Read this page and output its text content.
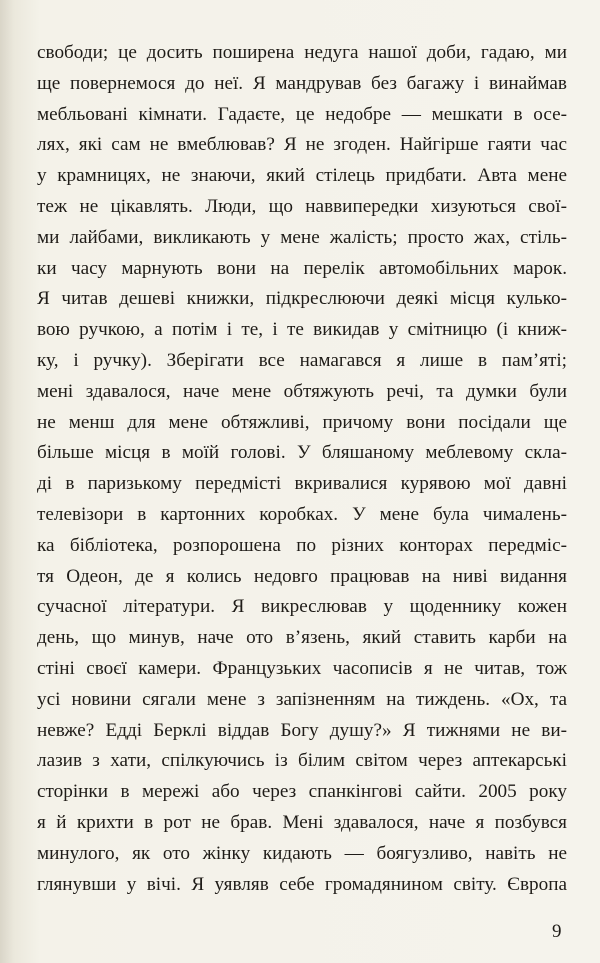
свободи; це досить поширена недуга нашої доби, гадаю, ми
ще повернемося до неї. Я мандрував без багажу і винаймав
мебльовані кімнати. Гадаєте, це недобре — мешкати в осе-
лях, які сам не вмеблював? Я не згоден. Найгірше гаяти час
у крамницях, не знаючи, який стілець придбати. Авта мене
теж не цікавлять. Люди, що наввипередки хизуються свої-
ми лайбами, викликають у мене жалість; просто жах, стіль-
ки часу марнують вони на перелік автомобільних марок.
Я читав дешеві книжки, підкреслюючи деякі місця кулько-
вою ручкою, а потім і те, і те викидав у смітницю (і книж-
ку, і ручку). Зберігати все намагався я лише в пам’яті;
мені здавалося, наче мене обтяжують речі, та думки були
не менш для мене обтяжливі, причому вони посідали ще
більше місця в моїй голові. У бляшаному меблевому скла-
ді в паризькому передмісті вкривалися курявою мої давні
телевізори в картонних коробках. У мене була чималень-
ка бібліотека, розпорошена по різних конторах передміс-
тя Одеон, де я колись недовго працював на ниві видання
сучасної літератури. Я викреслював у щоденнику кожен
день, що минув, наче ото в’язень, який ставить карби на
стіні своєї камери. Французьких часописів я не читав, тож
усі новини сягали мене з запізненням на тиждень. «Ох, та
невже? Едді Берклі віддав Богу душу?» Я тижнями не ви-
лазив з хати, спілкуючись із білим світом через аптекарські
сторінки в мережі або через спанкінгові сайти. 2005 року
я й крихти в рот не брав. Мені здавалося, наче я позбувся
минулого, як ото жінку кидають — боягузливо, навіть не
глянувши у вічі. Я уявляв себе громадянином світу. Європа
9
